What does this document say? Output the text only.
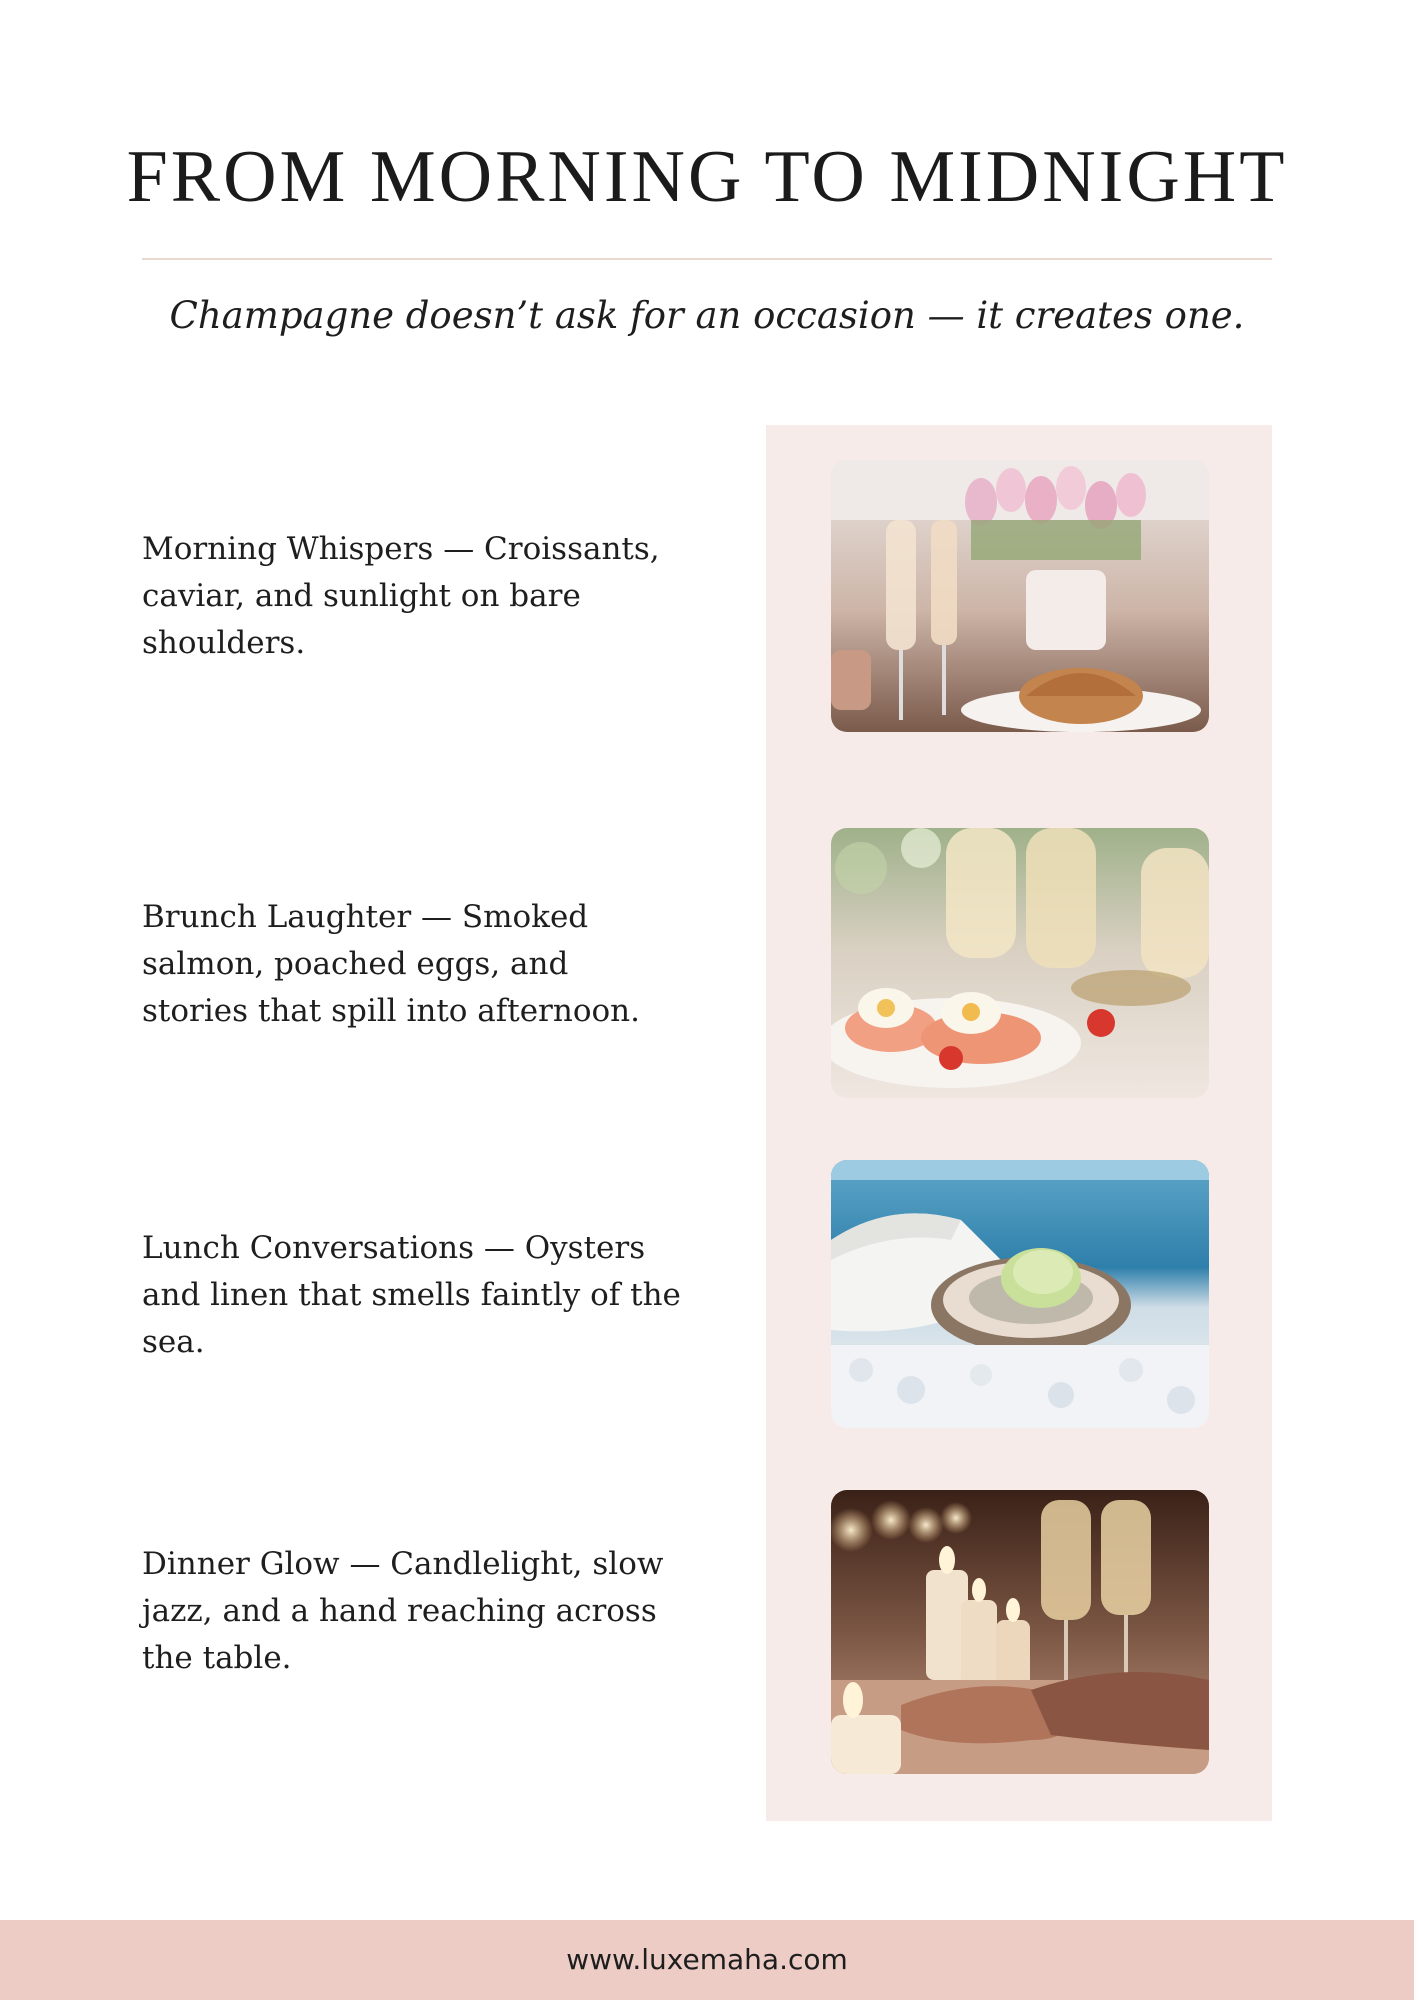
FROM MORNING TO MIDNIGHT
Champagne doesn’t ask for an occasion — it creates one.

Morning Whispers — Croissants, caviar, and sunlight on bare shoulders.

Brunch Laughter — Smoked salmon, poached eggs, and stories that spill into afternoon.

Lunch Conversations — Oysters and linen that smells faintly of the sea.

Dinner Glow — Candlelight, slow jazz, and a hand reaching across the table.

www.luxemaha.com
